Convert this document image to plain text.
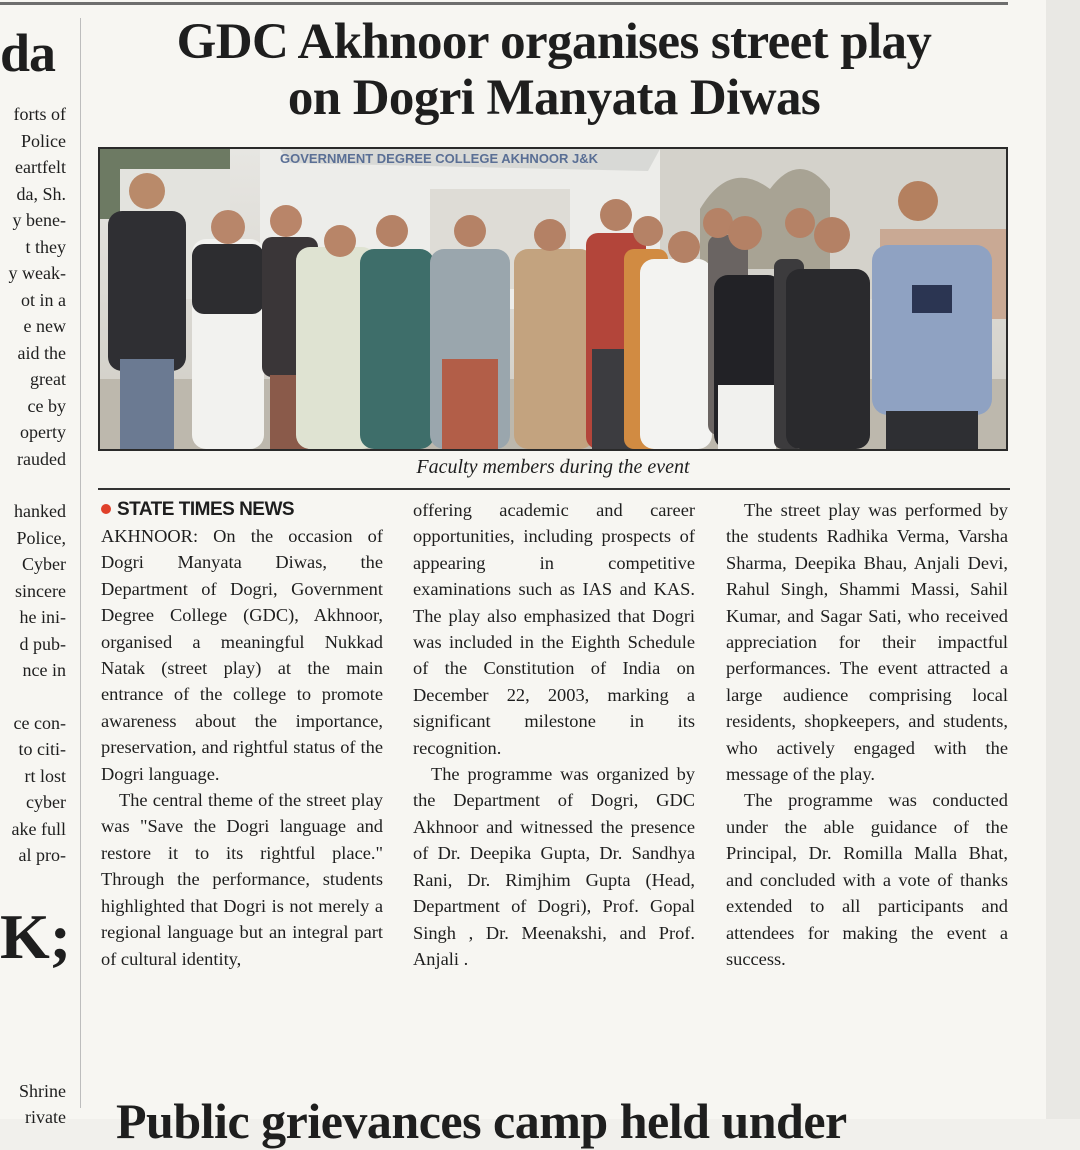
da
forts of
Police
eartfelt
da, Sh.
y bene-
t they
y weak-
ot in a
e new
aid the
great
ce by
operty
rauded
hanked
Police,
Cyber
sincere
he ini-
d pub-
nce in
ce con-
to citi-
rt lost
cyber
ake full
al pro-
K;
Shrine
rivate
GDC Akhnoor organises street play
on Dogri Manyata Diwas
GOVERNMENT DEGREE COLLEGE AKHNOOR J&K
Faculty members during the event
STATE TIMES NEWS

AKHNOOR: On the occasion of Dogri Manyata Diwas, the Department of Dogri, Government Degree College (GDC), Akhnoor, organised a meaningful Nukkad Natak (street play) at the main entrance of the college to promote awareness about the importance, preservation, and rightful status of the Dogri language.

The central theme of the street play was "Save the Dogri language and restore it to its rightful place." Through the performance, students highlighted that Dogri is not merely a regional language but an integral part of cultural identity,

offering academic and career opportunities, including prospects of appearing in competitive examinations such as IAS and KAS. The play also emphasized that Dogri was included in the Eighth Schedule of the Constitution of India on December 22, 2003, marking a significant milestone in its recognition.

The programme was organized by the Department of Dogri, GDC Akhnoor and witnessed the presence of Dr. Deepika Gupta, Dr. Sandhya Rani, Dr. Rimjhim Gupta (Head, Department of Dogri), Prof. Gopal Singh , Dr. Meenakshi, and Prof. Anjali .

The street play was performed by the students Radhika Verma, Varsha Sharma, Deepika Bhau, Anjali Devi, Rahul Singh, Shammi Massi, Sahil Kumar, and Sagar Sati, who received appreciation for their impactful performances. The event attracted a large audience comprising local residents, shopkeepers, and students, who actively engaged with the message of the play.

The programme was conducted under the able guidance of the Principal, Dr. Romilla Malla Bhat, and concluded with a vote of thanks extended to all participants and attendees for making the event a success.

Public grievances camp held under
